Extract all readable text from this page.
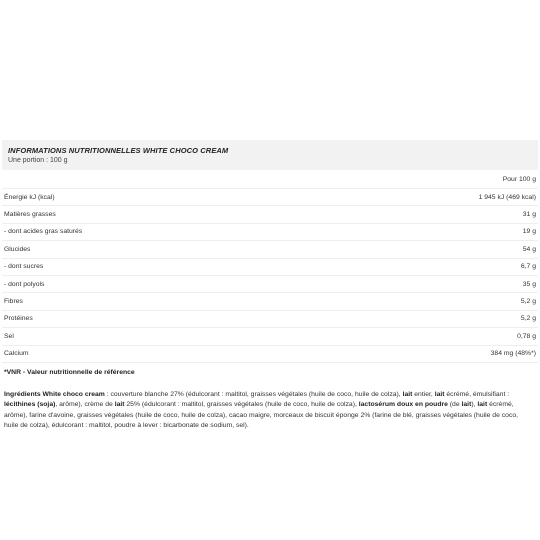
INFORMATIONS NUTRITIONNELLES WHITE CHOCO CREAM
Une portion : 100 g
Pour 100 g
Énergie kJ (kcal)	1 945 kJ (469 kcal)
Matières grasses	31 g
- dont acides gras saturés	19 g
Glucides	54 g
- dont sucres	6,7 g
- dont polyols	35 g
Fibres	5,2 g
Protéines	5,2 g
Sel	0,78 g
Calcium	384 mg (48%*)
*VNR - Valeur nutritionnelle de référence
Ingrédients White choco cream : couverture blanche 27% (édulcorant : maltitol, graisses végétales (huile de coco, huile de colza), lait entier, lait écrémé, émulsifiant : lécithines (soja), arôme), crème de lait 25% (édulcorant : maltitol, graisses végétales (huile de coco, huile de colza), lactosérum doux en poudre (de lait), lait écrémé, arôme), farine d'avoine, graisses végétales (huile de coco, huile de colza), cacao maigre, morceaux de biscuit éponge 2% (farine de blé, graisses végétales (huile de coco, huile de colza), édulcorant : maltitol, poudre à lever : bicarbonate de sodium, sel).
